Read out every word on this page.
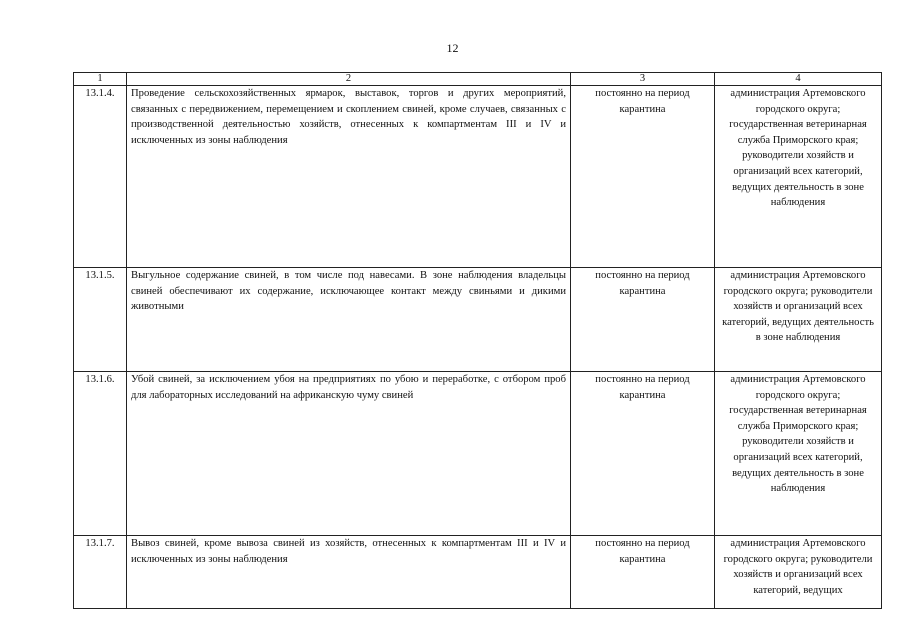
12
1	2	3	4
13.1.4.	Проведение сельскохозяйственных ярмарок, выставок, торгов и других мероприятий, связанных с передвижением, перемещением и скоплением свиней, кроме случаев, связанных с производственной деятельностью хозяйств, отнесенных к компартментам III и IV и исключенных из зоны наблюдения	постоянно на период карантина	администрация Артемовского городского округа; государственная ветеринарная служба Приморского края; руководители хозяйств и организаций всех категорий, ведущих деятельность в зоне наблюдения
13.1.5.	Выгульное содержание свиней, в том числе под навесами. В зоне наблюдения владельцы свиней обеспечивают их содержание, исключающее контакт между свиньями и дикими животными	постоянно на период карантина	администрация Артемовского городского округа; руководители хозяйств и организаций всех категорий, ведущих деятельность в зоне наблюдения
13.1.6.	Убой свиней, за исключением убоя на предприятиях по убою и переработке, с отбором проб для лабораторных исследований на африканскую чуму свиней	постоянно на период карантина	администрация Артемовского городского округа; государственная ветеринарная служба Приморского края; руководители хозяйств и организаций всех категорий, ведущих деятельность в зоне наблюдения
13.1.7.	Вывоз свиней, кроме вывоза свиней из хозяйств, отнесенных к компартментам III и IV и исключенных из зоны наблюдения	постоянно на период карантина	администрация Артемовского городского округа; руководители хозяйств и организаций всех категорий, ведущих
